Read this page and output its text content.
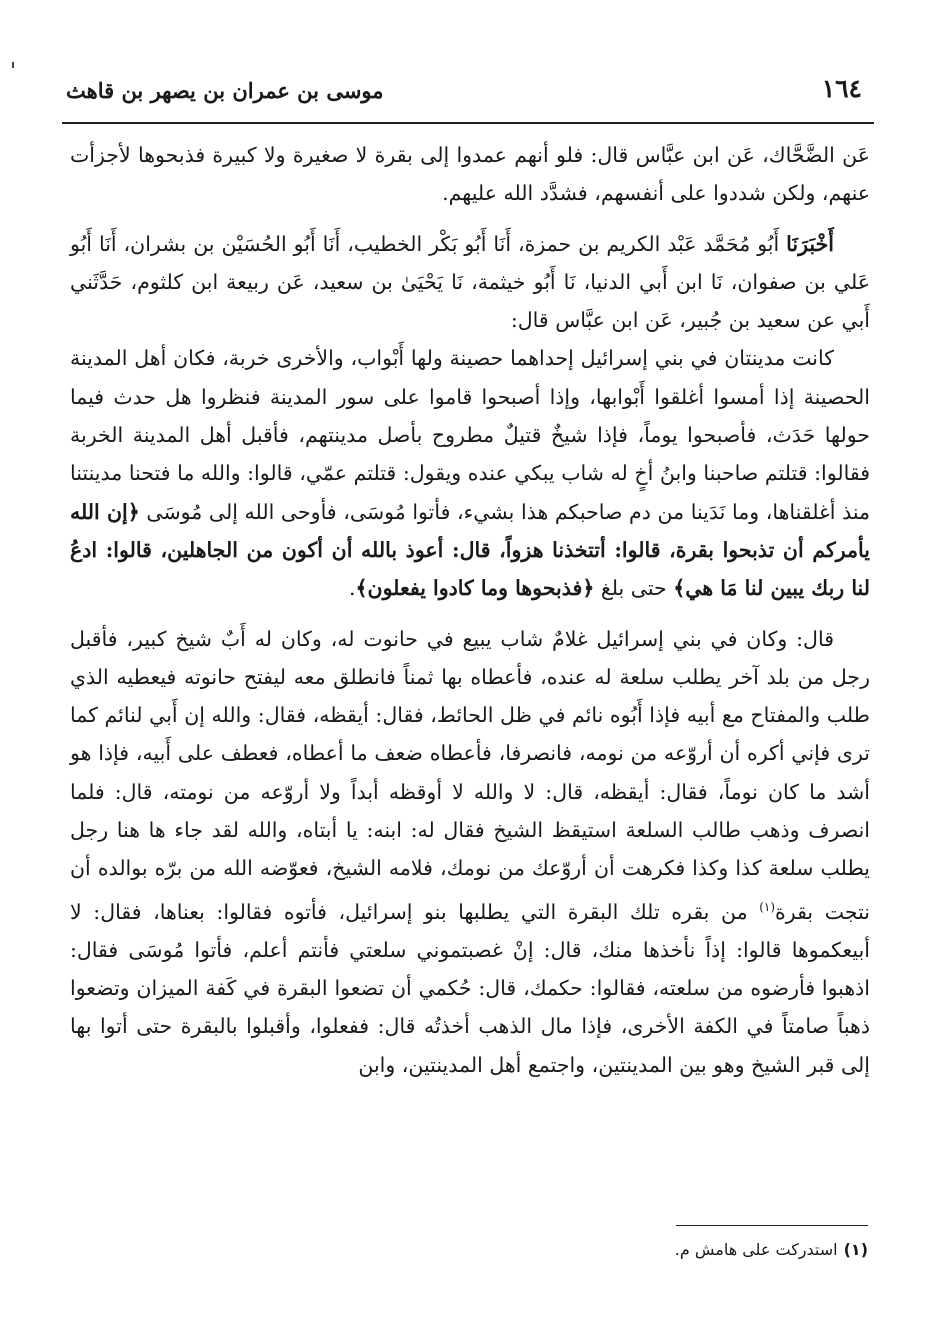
١٦٤
موسى بن عمران بن يصهر بن قاهث

عَن الضَّحَّاك، عَن ابن عبَّاس قال: فلو أنهم عمدوا إلى بقرة لا صغيرة ولا كبيرة فذبحوها لأجزأت عنهم، ولكن شددوا على أنفسهم، فشدَّد الله عليهم.

أَخْبَرَنَا أَبُو مُحَمَّد عَبْد الكريم بن حمزة، أَنَا أَبُو بَكْر الخطيب، أَنَا أَبُو الحُسَيْن بن بشران، أَنَا أَبُو عَلي بن صفوان، نَا ابن أَبي الدنيا، نَا أَبُو خيثمة، نَا يَحْيَىٰ بن سعيد، عَن ربيعة ابن كلثوم، حَدَّثَني أَبي عن سعيد بن جُبير، عَن ابن عبَّاس قال:

كانت مدينتان في بني إسرائيل إحداهما حصينة ولها أَبْواب، والأخرى خربة، فكان أهل المدينة الحصينة إذا أمسوا أغلقوا أَبْوابها، وإذا أصبحوا قاموا على سور المدينة فنظروا هل حدث فيما حولها حَدَث، فأصبحوا يوماً، فإذا شيخٌ قتيلٌ مطروح بأصل مدينتهم، فأقبل أهل المدينة الخربة فقالوا: قتلتم صاحبنا وابنُ أخٍ له شاب يبكي عنده ويقول: قتلتم عمّي، قالوا: والله ما فتحنا مدينتنا منذ أغلقناها، وما نَدَينا من دم صاحبكم هذا بشيء، فأتوا مُوسَى، فأوحى الله إلى مُوسَى ﴿إن الله يأمركم أن تذبحوا بقرة، قالوا: أتتخذنا هزواً، قال: أعوذ بالله أن أكون من الجاهلين، قالوا: ادعُ لنا ربك يبين لنا مَا هي﴾ حتى بلغ ﴿فذبحوها وما كادوا يفعلون﴾.

قال: وكان في بني إسرائيل غلامٌ شاب يبيع في حانوت له، وكان له أَبٌ شيخ كبير، فأقبل رجل من بلد آخر يطلب سلعة له عنده، فأعطاه بها ثمناً فانطلق معه ليفتح حانوته فيعطيه الذي طلب والمفتاح مع أبيه فإذا أَبُوه نائم في ظل الحائط، فقال: أيقظه، فقال: والله إن أَبي لنائم كما ترى فإني أكره أن أروّعه من نومه، فانصرفا، فأعطاه ضعف ما أعطاه، فعطف على أَبيه، فإذا هو أشد ما كان نوماً، فقال: أيقظه، قال: لا والله لا أوقظه أبداً ولا أروّعه من نومته، قال: فلما انصرف وذهب طالب السلعة استيقظ الشيخ فقال له: ابنه: يا أبتاه، والله لقد جاء ها هنا رجل يطلب سلعة كذا وكذا فكرهت أن أروّعك من نومك، فلامه الشيخ، فعوّضه الله من برّه بوالده أن نتجت بقرة$^{(١)}$ من بقره تلك البقرة التي يطلبها بنو إسرائيل، فأتوه فقالوا: بعناها، فقال: لا أبيعكموها قالوا: إذاً نأخذها منك، قال: إنْ غصبتموني سلعتي فأنتم أعلم، فأتوا مُوسَى فقال: اذهبوا فأرضوه من سلعته، فقالوا: حكمك، قال: حُكمي أن تضعوا البقرة في كَفة الميزان وتضعوا ذهباً صامتاً في الكفة الأخرى، فإذا مال الذهب أخذتُه قال: ففعلوا، وأقبلوا بالبقرة حتى أتوا بها إلى قبر الشيخ وهو بين المدينتين، واجتمع أهل المدينتين، وابن

(١)استدركت على هامش م.
